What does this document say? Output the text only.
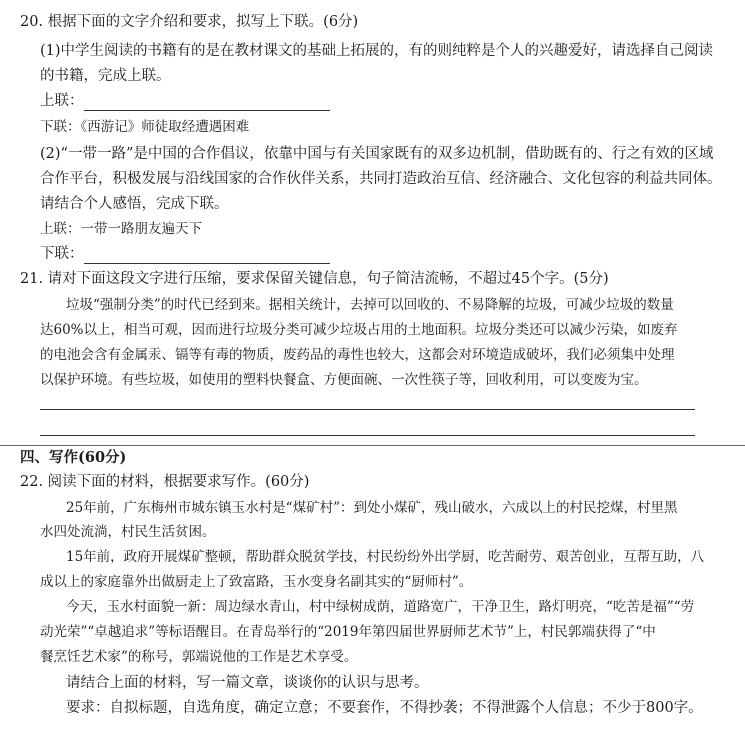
20. 根据下面的文字介绍和要求，拟写上下联。(6分)
(1)中学生阅读的书籍有的是在教材课文的基础上拓展的，有的则纯粹是个人的兴趣爱好，请选择自己阅读
的书籍，完成上联。
上联：
下联：《西游记》师徒取经遭遇困难
(2)“一带一路”是中国的合作倡议，依靠中国与有关国家既有的双多边机制，借助既有的、行之有效的区域
合作平台，积极发展与沿线国家的合作伙伴关系，共同打造政治互信、经济融合、文化包容的利益共同体。
请结合个人感悟，完成下联。
上联：一带一路朋友遍天下
下联：
21. 请对下面这段文字进行压缩，要求保留关键信息，句子简洁流畅，不超过45个字。(5分)
垃圾“强制分类”的时代已经到来。据相关统计，去掉可以回收的、不易降解的垃圾，可减少垃圾的数量
达60%以上，相当可观，因而进行垃圾分类可减少垃圾占用的土地面积。垃圾分类还可以减少污染，如废弃
的电池会含有金属汞、镉等有毒的物质，废药品的毒性也较大，这都会对环境造成破坏，我们必须集中处理
以保护环境。有些垃圾，如使用的塑料快餐盒、方便面碗、一次性筷子等，回收利用，可以变废为宝。
四、写作(60分)
22. 阅读下面的材料，根据要求写作。(60分)
25年前，广东梅州市城东镇玉水村是“煤矿村”：到处小煤矿，残山破水，六成以上的村民挖煤，村里黑
水四处流淌，村民生活贫困。
15年前，政府开展煤矿整顿，帮助群众脱贫学技，村民纷纷外出学厨，吃苦耐劳、艰苦创业，互帮互助，八
成以上的家庭靠外出做厨走上了致富路，玉水变身名副其实的“厨师村”。
今天，玉水村面貌一新：周边绿水青山，村中绿树成荫，道路宽广，干净卫生，路灯明亮，“吃苦是福”“劳
动光荣”“卓越追求”等标语醒目。在青岛举行的“2019年第四届世界厨师艺术节”上，村民郭端获得了“中
餐烹饪艺术家”的称号，郭端说他的工作是艺术享受。
请结合上面的材料，写一篇文章，谈谈你的认识与思考。
要求：自拟标题，自选角度，确定立意；不要套作，不得抄袭；不得泄露个人信息；不少于800字。
